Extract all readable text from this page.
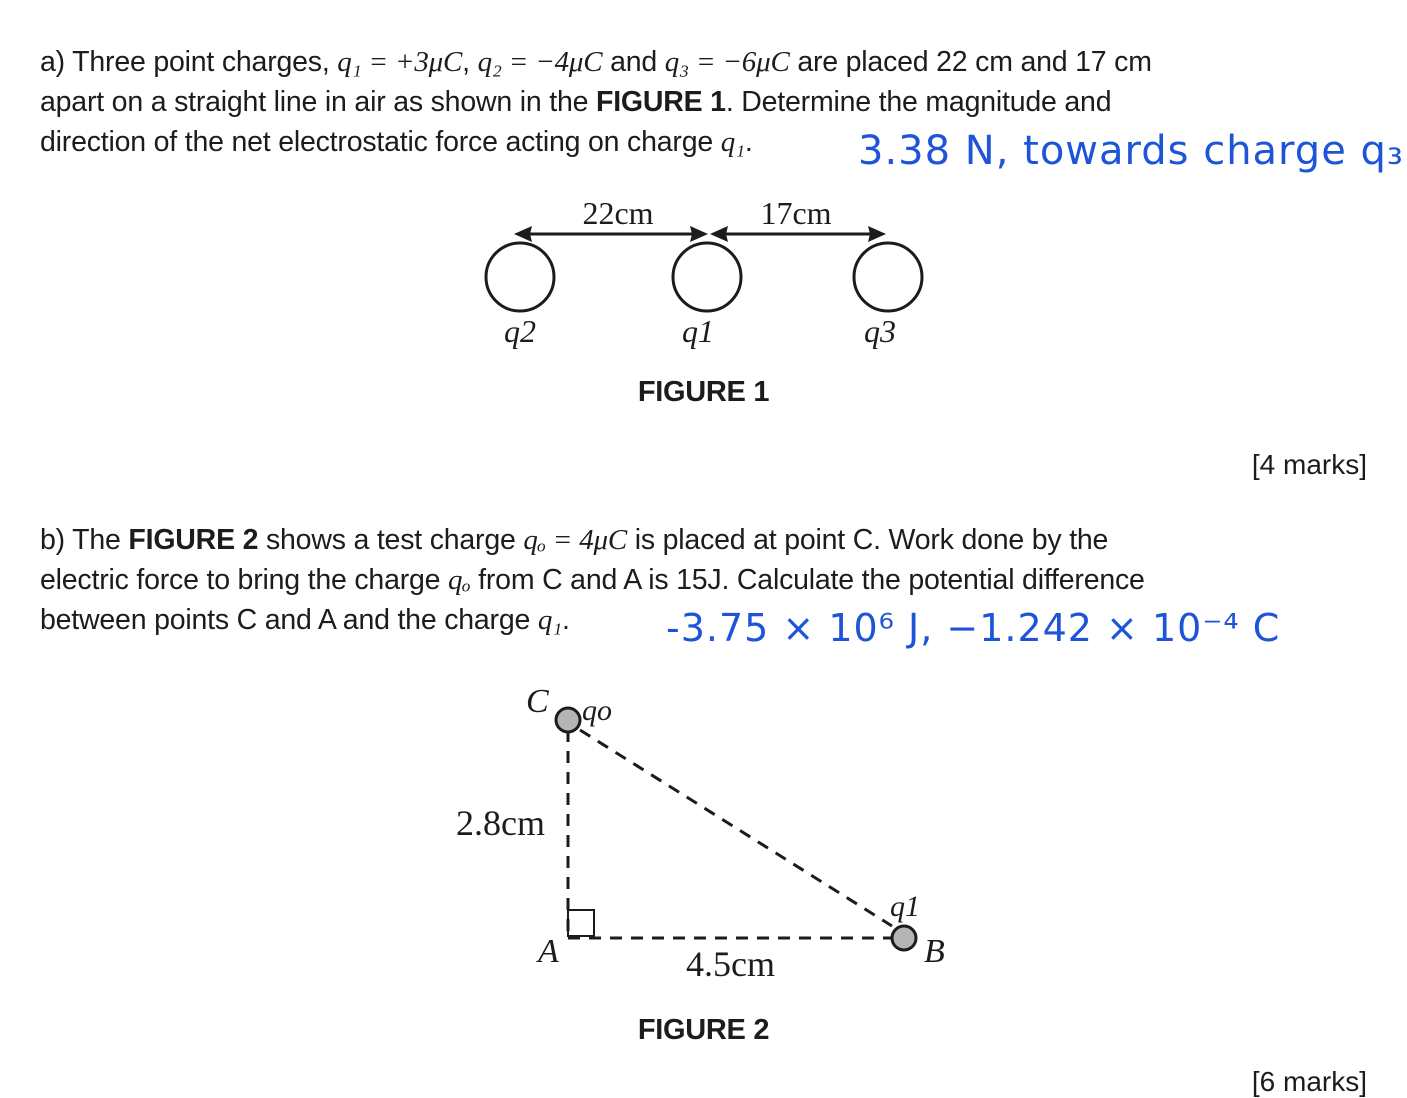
a) Three point charges, q₁ = +3μC, q₂ = −4μC and q₃ = −6μC are placed 22 cm and 17 cm
apart on a straight line in air as shown in the FIGURE 1. Determine the magnitude and
direction of the net electrostatic force acting on charge q₁.	3.38 N, towards charge q₃
22cm	17cm
q2	q1	q3
FIGURE 1
[4 marks]
b) The FIGURE 2 shows a test charge qₒ = 4μC is placed at point C. Work done by the
electric force to bring the charge qₒ from C and A is 15J. Calculate the potential difference
between points C and A and the charge q₁.	-3.75 × 10⁶ J, −1.242 × 10⁻⁴ C
C qo
2.8cm
A	4.5cm
q1
B
FIGURE 2
[6 marks]
